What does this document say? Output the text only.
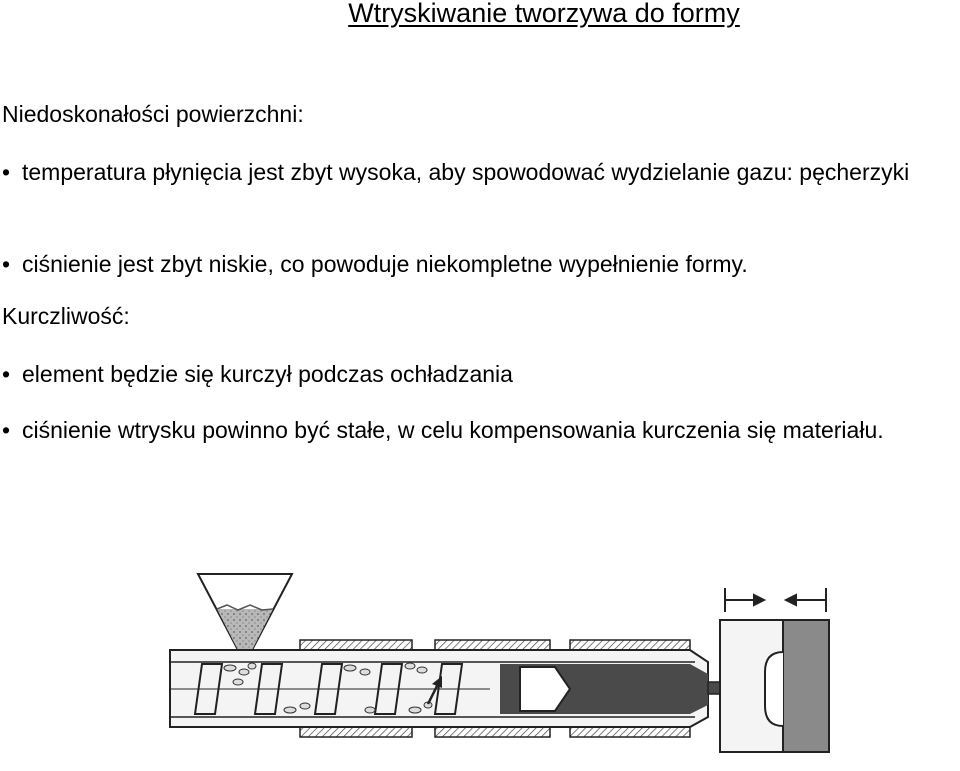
Wtryskiwanie tworzywa do formy
Niedoskonałości powierzchni:
• temperatura płynięcia jest zbyt wysoka, aby spowodować wydzielanie gazu: pęcherzyki
• ciśnienie jest zbyt niskie, co powoduje niekompletne wypełnienie formy.
Kurczliwość:
• element będzie się kurczył podczas ochładzania
• ciśnienie wtrysku powinno być stałe, w celu kompensowania kurczenia się materiału.
